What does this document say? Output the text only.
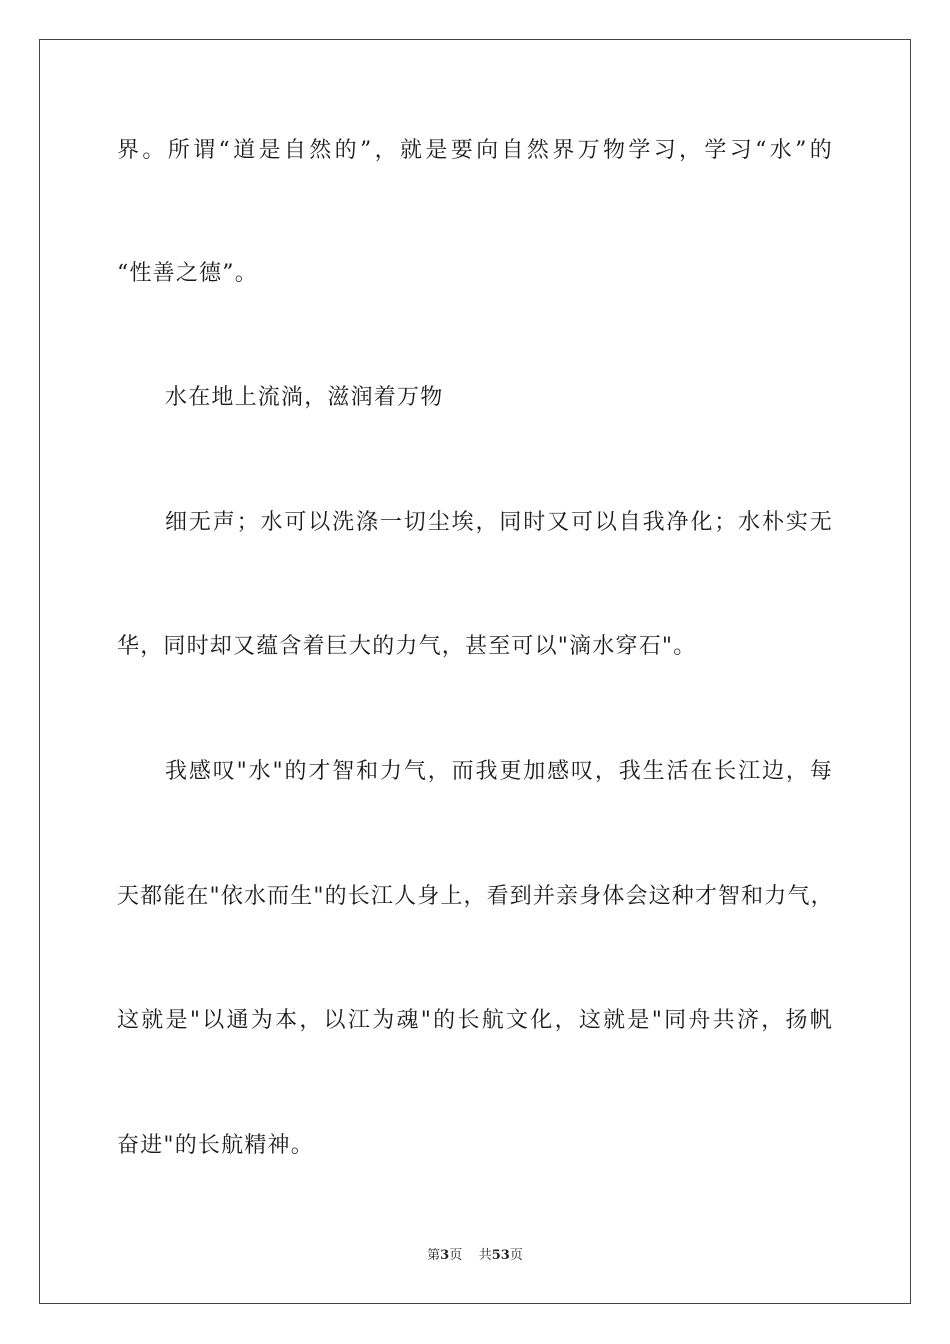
界。所谓“道是自然的”，就是要向自然界万物学习，学习“水”的
“性善之德”。
水在地上流淌，滋润着万物
细无声；水可以洗涤一切尘埃，同时又可以自我净化；水朴实无
华，同时却又蕴含着巨大的力气，甚至可以"滴水穿石"。
我感叹"水"的才智和力气，而我更加感叹，我生活在长江边，每
天都能在"依水而生"的长江人身上，看到并亲身体会这种才智和力气，
这就是"以通为本，以江为魂"的长航文化，这就是"同舟共济，扬帆
奋进"的长航精神。
第3页 共53页
